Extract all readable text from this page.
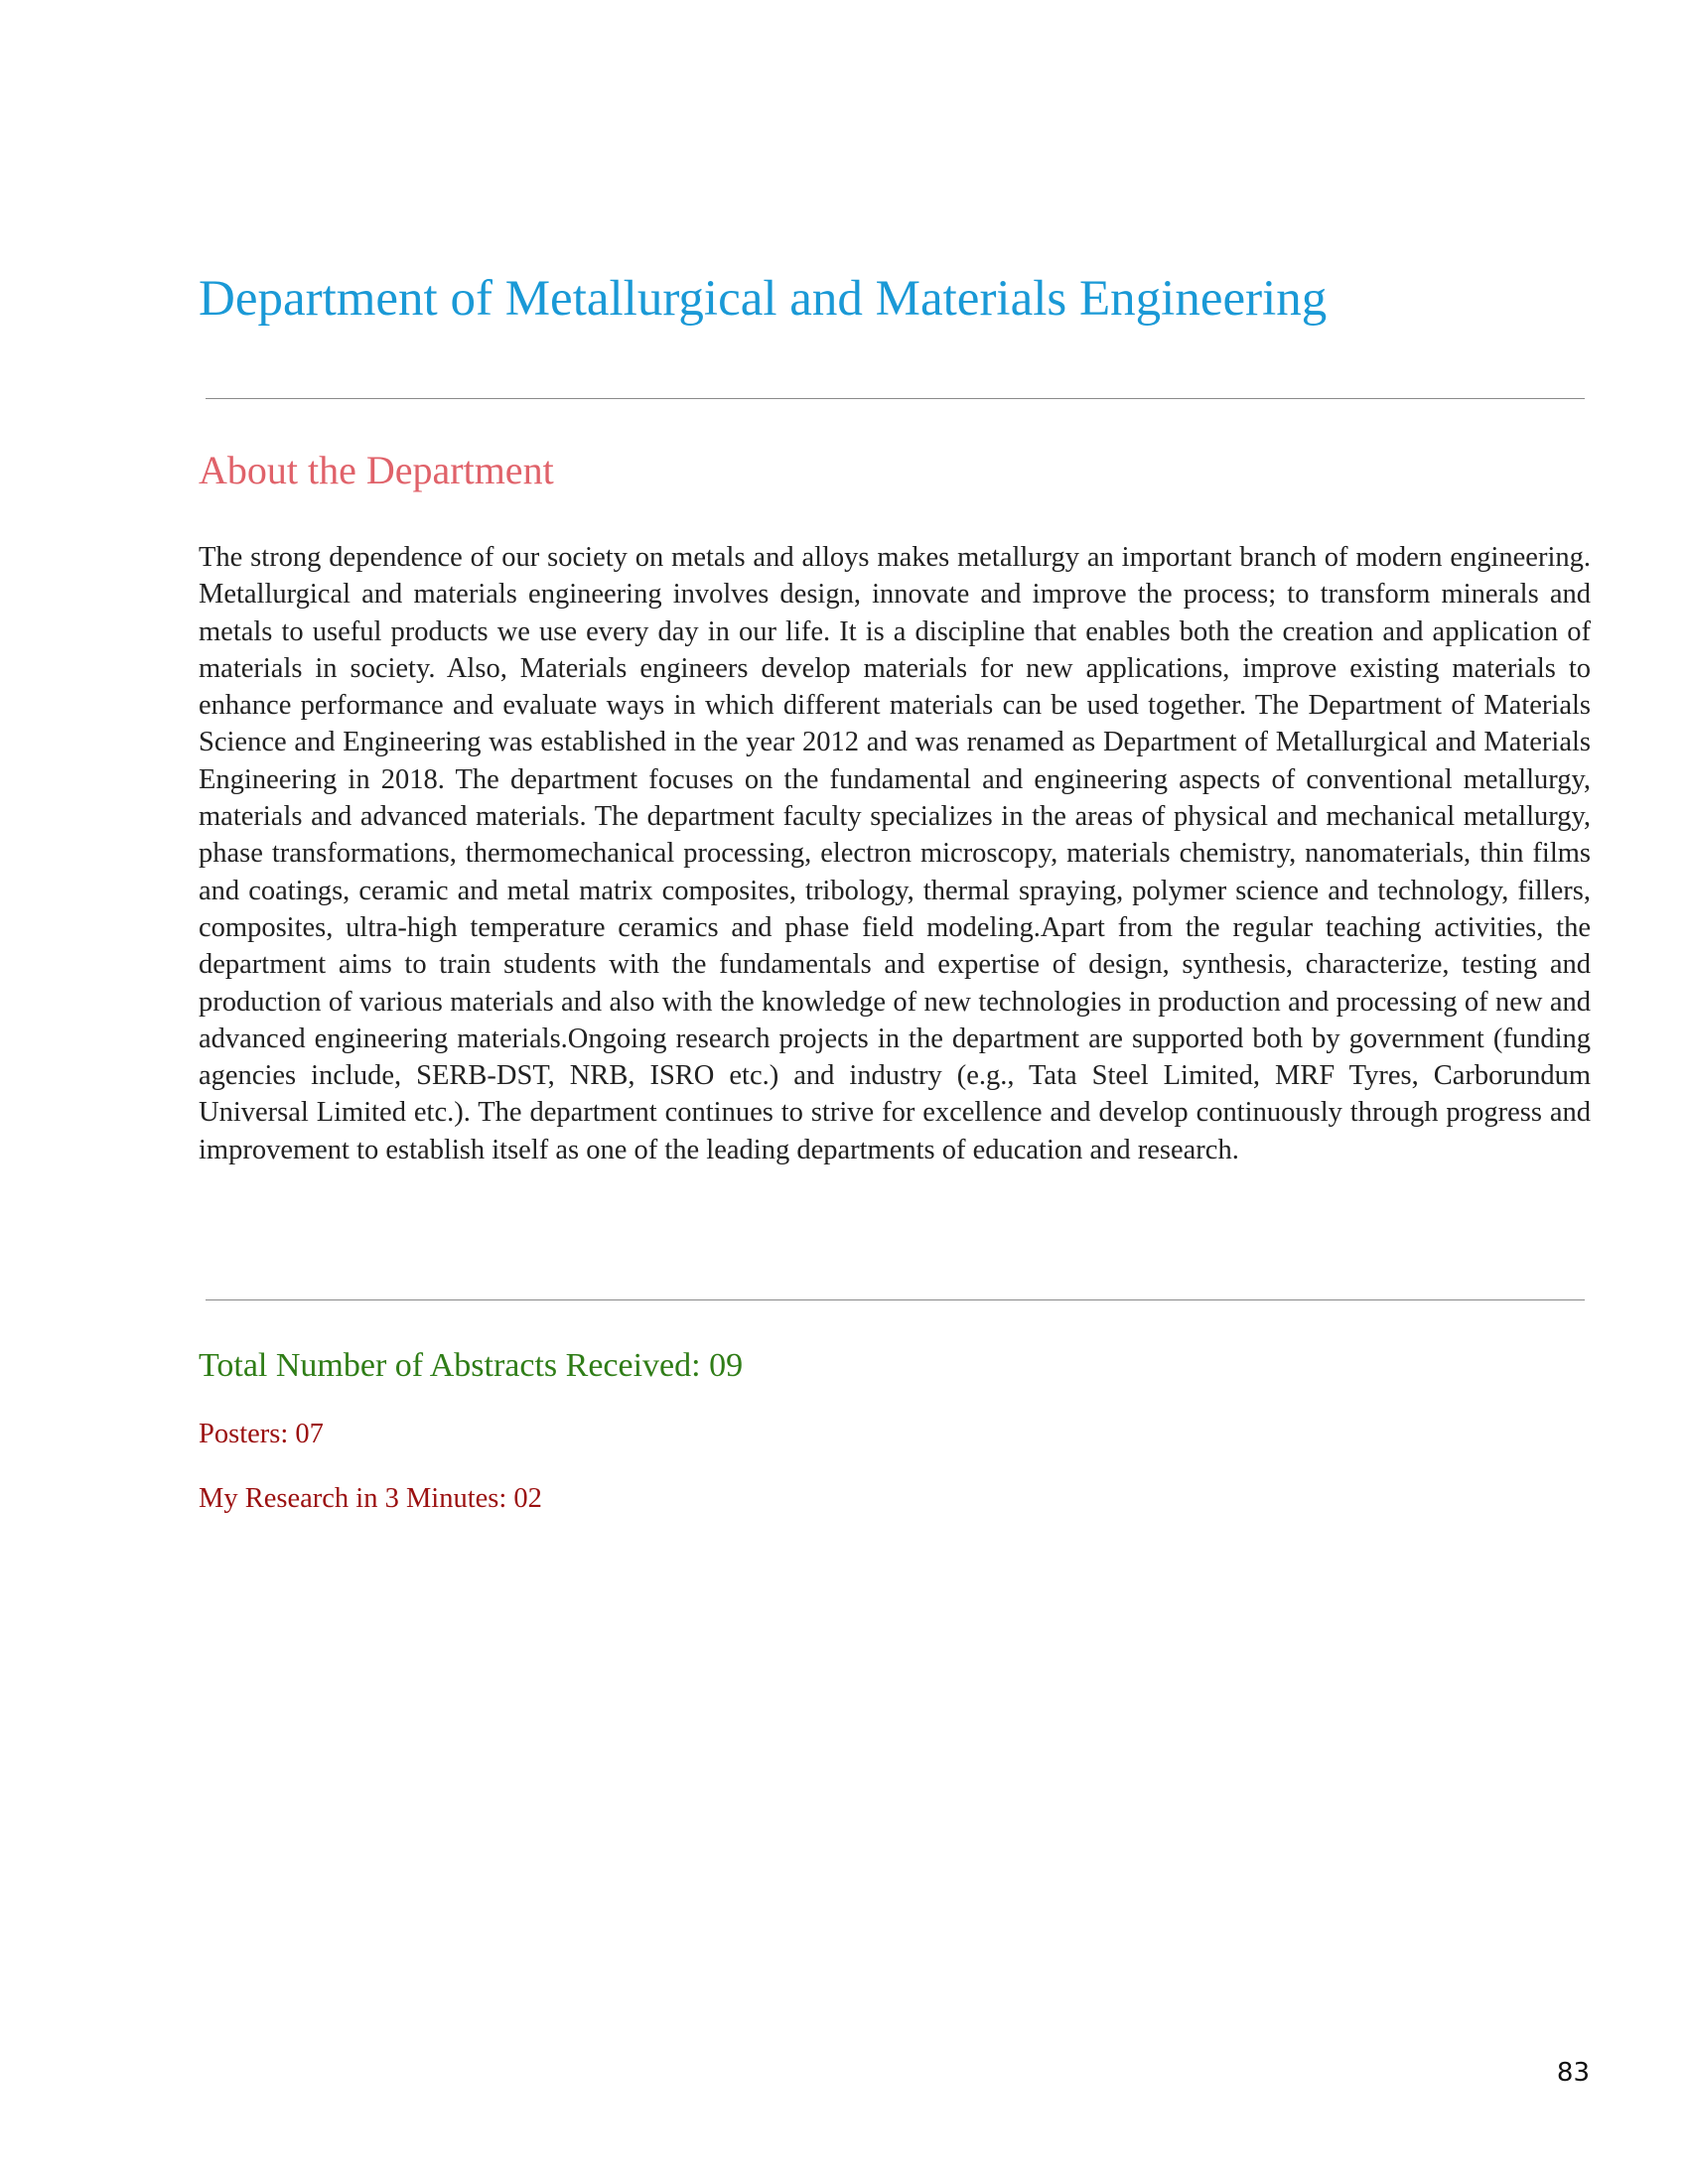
Department of Metallurgical and Materials Engineering
About the Department

The strong dependence of our society on metals and alloys makes metallurgy an important branch of modern engineering. Metallurgical and materials engineering involves design, innovate and improve the process; to transform minerals and metals to useful products we use every day in our life. It is a discipline that enables both the creation and application of materials in society. Also, Materials engineers develop materials for new applications, improve existing materials to enhance performance and evaluate ways in which different materials can be used together. The Department of Materials Science and Engineering was established in the year 2012 and was renamed as Department of Metallurgical and Materials Engineering in 2018. The department focuses on the fundamental and engineering aspects of conventional metallurgy, materials and advanced materials. The department faculty specializes in the areas of physical and mechanical metallurgy, phase transformations, thermomechanical processing, electron microscopy, materials chemistry, nanomaterials, thin films and coatings, ceramic and metal matrix composites, tribology, thermal spraying, polymer science and technology, fillers, composites, ultra-high temperature ceramics and phase field modeling.Apart from the regular teaching activities, the department aims to train students with the fundamentals and expertise of design, synthesis, characterize, testing and production of various materials and also with the knowledge of new technologies in production and processing of new and advanced engineering materials.Ongoing research projects in the department are supported both by government (funding agencies include, SERB-DST, NRB, ISRO etc.) and industry (e.g., Tata Steel Limited, MRF Tyres, Carborundum Universal Limited etc.). The department continues to strive for excellence and develop continuously through progress and improvement to establish itself as one of the leading departments of education and research.

Total Number of Abstracts Received: 09

Posters: 07

My Research in 3 Minutes: 02

83
